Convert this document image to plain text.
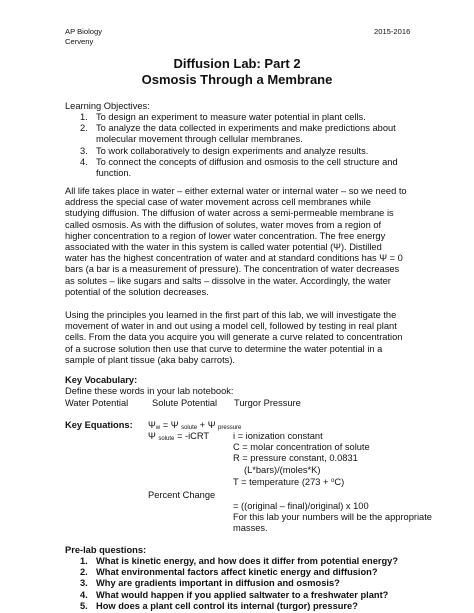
AP Biology
Cerveny
2015-2016
Diffusion Lab: Part 2
Osmosis Through a Membrane
Learning Objectives:
1. To design an experiment to measure water potential in plant cells.
2. To analyze the data collected in experiments and make predictions about
molecular movement through cellular membranes.
3. To work collaboratively to design experiments and analyze results.
4. To connect the concepts of diffusion and osmosis to the cell structure and
function.
All life takes place in water – either external water or internal water – so we need to
address the special case of water movement across cell membranes while
studying diffusion. The diffusion of water across a semi-permeable membrane is
called osmosis. As with the diffusion of solutes, water moves from a region of
higher concentration to a region of lower water concentration. The free energy
associated with the water in this system is called water potential (Ψ). Distilled
water has the highest concentration of water and at standard conditions has Ψ = 0
bars (a bar is a measurement of pressure). The concentration of water decreases
as solutes – like sugars and salts – dissolve in the water. Accordingly, the water
potential of the solution decreases.
Using the principles you learned in the first part of this lab, we will investigate the
movement of water in and out using a model cell, followed by testing in real plant
cells. From the data you acquire you will generate a curve related to concentration
of a sucrose solution then use that curve to determine the water potential in a
sample of plant tissue (aka baby carrots).
Key Vocabulary:
Define these words in your lab notebook:
Water Potential	Solute Potential Turgor Pressure
Key Equations: $\Psi_w = \Psi$ $_{solute}$ + Ψ $_{pressure}$
Ψ $_{solute}$ = -iCRT	i = ionization constant
C = molar concentration of solute
R = pressure constant, 0.0831
(L*bars)/(moles*K)
T = temperature (273 + $^o$C)
Percent Change
= ((original – final)/original) x 100
For this lab your numbers will be the appropriate
masses.
Pre-lab questions:
1. What is kinetic energy, and how does it differ from potential energy?
2. What environmental factors affect kinetic energy and diffusion?
3. Why are gradients important in diffusion and osmosis?
4. What would happen if you applied saltwater to a freshwater plant?
5. How does a plant cell control its internal (turgor) pressure?
